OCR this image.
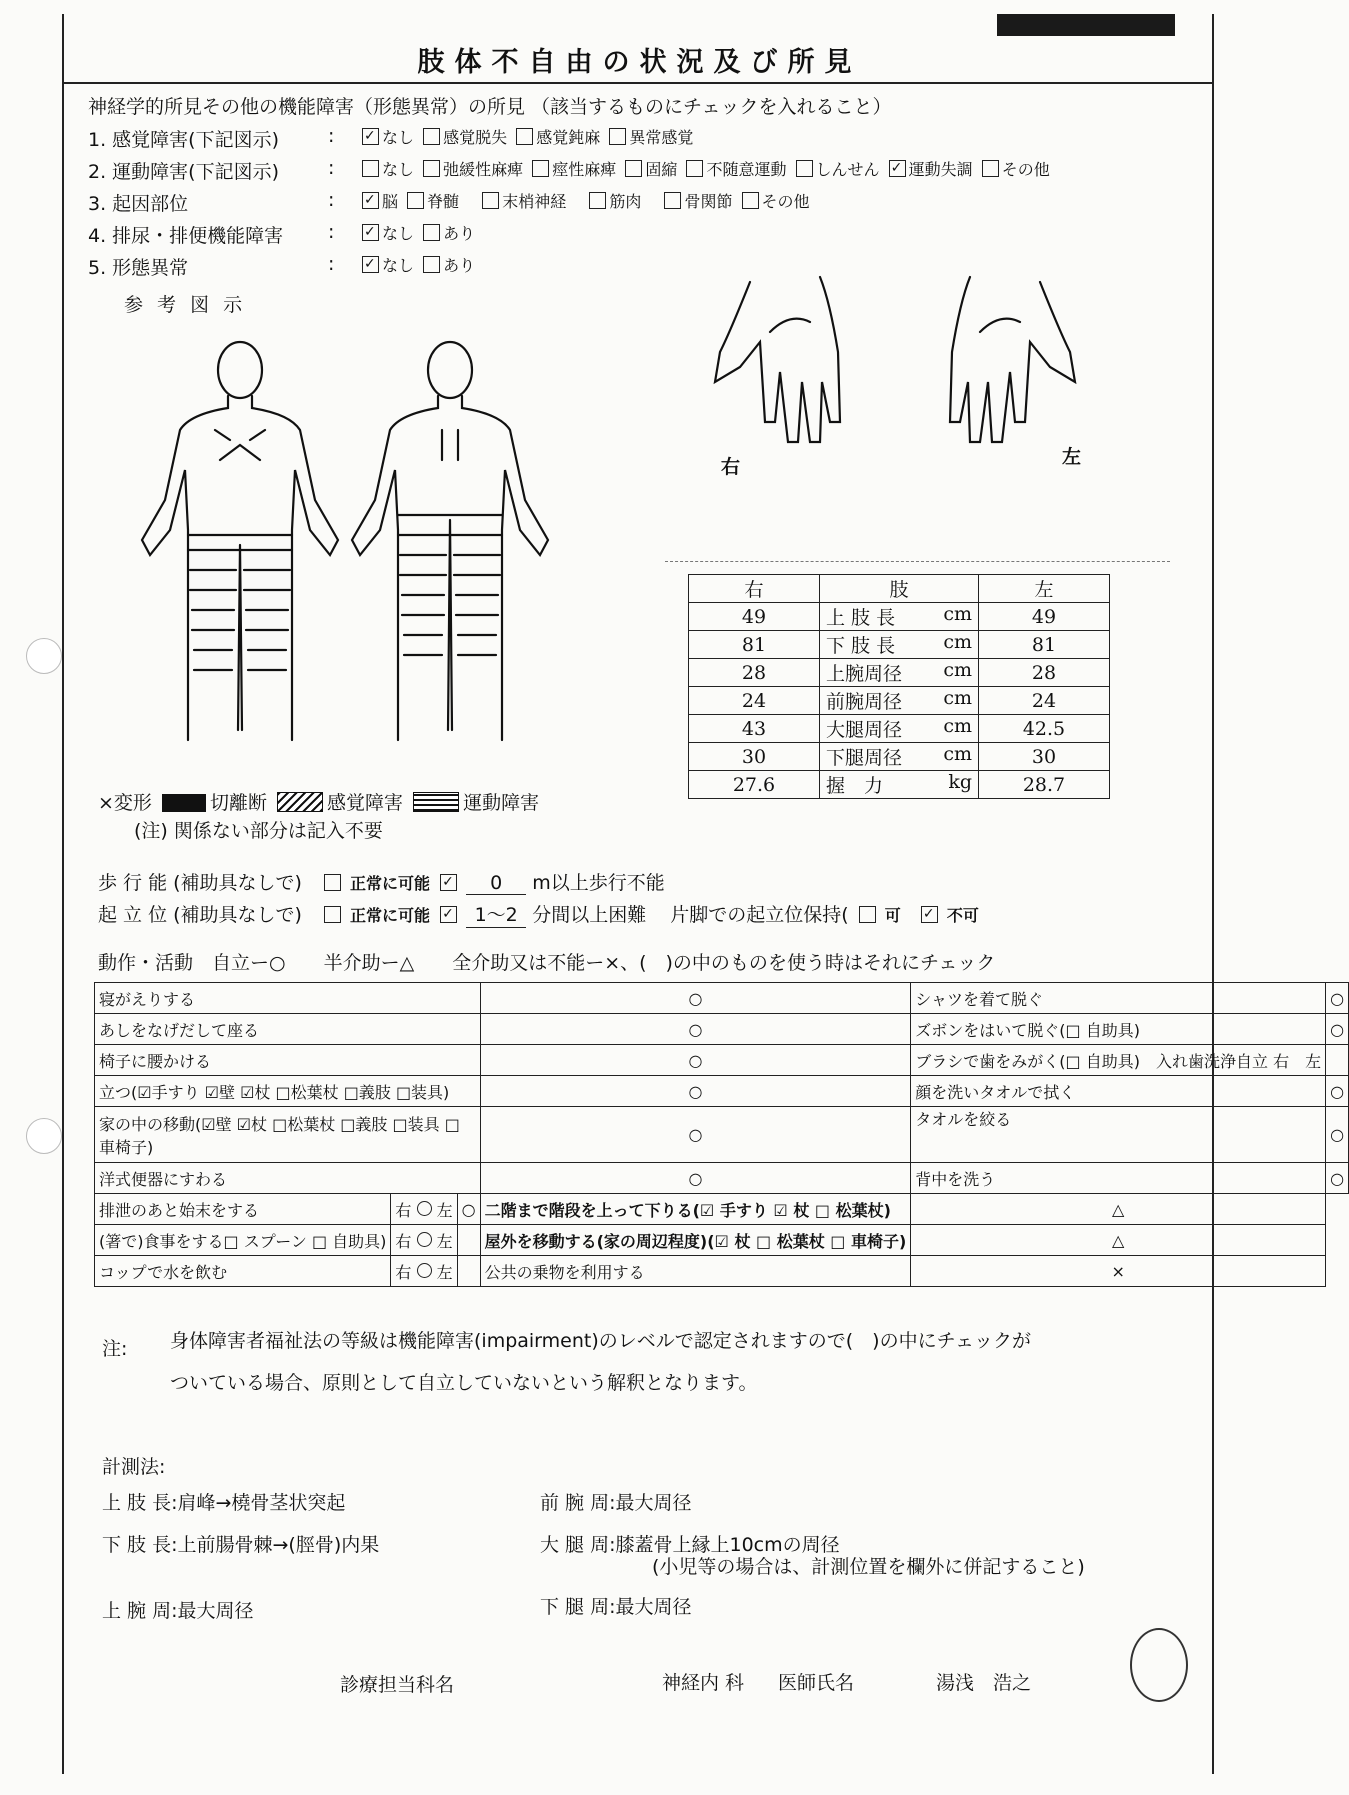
肢体不自由の状況及び所見
神経学的所見その他の機能障害（形態異常）の所見 （該当するものにチェックを入れること）
1. 感覚障害(下記図示)	: ✓	なし 感覚脱失 感覚鈍麻 異常感覚
2. 運動障害(下記図示)	:	なし 弛緩性麻痺 痙性麻痺 固縮 不随意運動 しんせん ✓ 運動失調 その他
3. 起因部位	: ✓	脳 脊髄	末梢神経	筋肉	骨関節 その他
4. 排尿・排便機能障害 : ✓	なし あり
5. 形態異常	: ✓	なし あり
参 考 図 示
右	左
右	肢	左
49	上 肢 長 cm	49
81	下 肢 長 cm	81
28	上腕周径 cm	28
24	前腕周径 cm	24
43	大腿周径 cm	42.5
30	下腿周径 cm	30
27.6	握　力 kg	28.7
×変形	切離断	感覚障害	運動障害
(注) 関係ない部分は記入不要
歩 行 能 (補助具なしで)	正常に可能 ✓	0 m以上歩行不能
起 立 位 (補助具なしで)	正常に可能 ✓ 1〜2 分間以上困難 片脚での起立位保持( 可 ✓	不可
動作・活動　自立ー○　　半介助ー△　　全介助又は不能ー×、(　)の中のものを使う時はそれにチェック
寝がえりする			○	シャツを着て脱ぐ	○
あしをなげだして座る			○	ズボンをはいて脱ぐ(□ 自助具)	○
椅子に腰かける			○	ブラシで歯をみがく(□ 自助具)　入れ歯洗浄自立 右　左	
立つ(☑手すり ☑壁 ☑杖 □松葉杖 □義肢 □装具)			○	顔を洗いタオルで拭く	○
家の中の移動(☑壁 ☑杖 □松葉杖 □義肢 □装具 □車椅子)			○	タオルを絞る	○
洋式便器にすわる			○	背中を洗う	○
排泄のあと始末をする	右 左	○	二階まで階段を上って下りる(☑ 手すり ☑ 杖 □ 松葉杖)	△	
(箸で)食事をする□ スプーン □ 自助具)	右 左		屋外を移動する(家の周辺程度)(☑ 杖 □ 松葉杖 □ 車椅子)	△	
コップで水を飲む	右 左		公共の乗物を利用する	×	
注: 身体障害者福祉法の等級は機能障害(impairment)のレベルで認定されますので(　)の中にチェックが
ついている場合、原則として自立していないという解釈となります。
計測法:
上 肢 長:肩峰→橈骨茎状突起
下 肢 長:上前腸骨棘→(脛骨)内果
上 腕 周:最大周径
前 腕 周:最大周径
大 腿 周:膝蓋骨上縁上10cmの周径
(小児等の場合は、計測位置を欄外に併記すること)
下 腿 周:最大周径
診療担当科名	神経内 科 医師氏名	湯浅　浩之
